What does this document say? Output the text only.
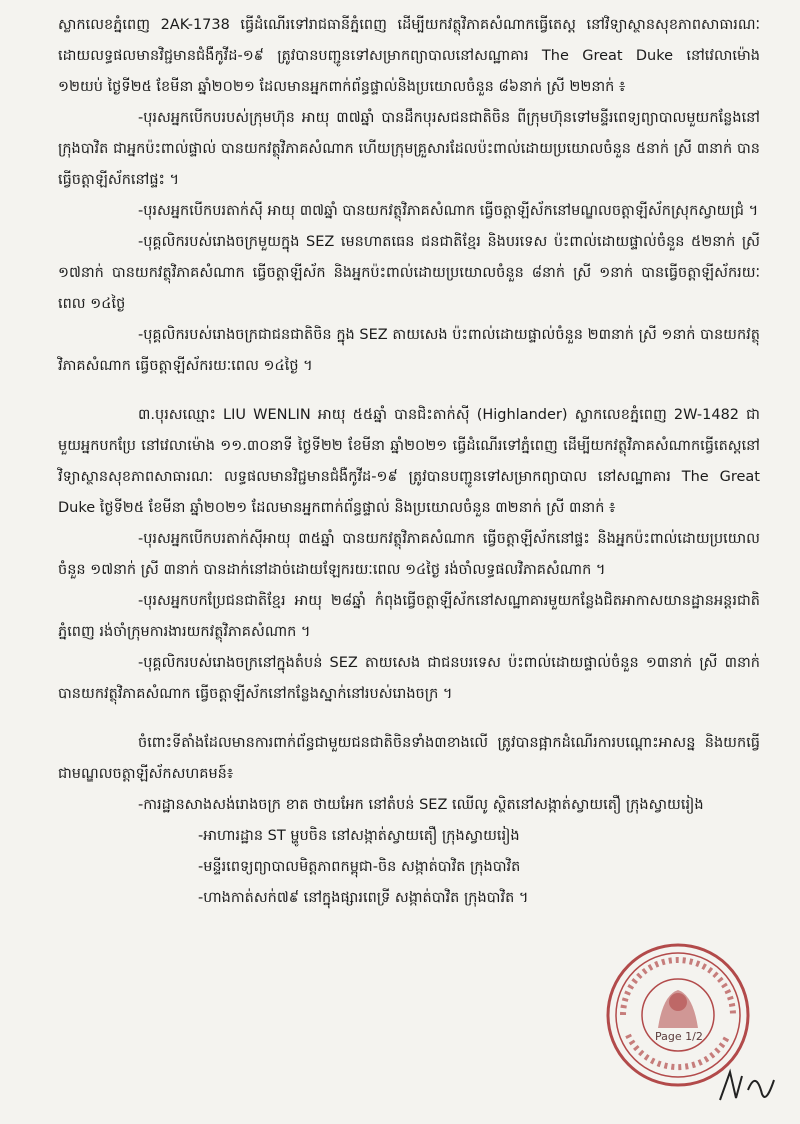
ស្លាកលេខភ្នំពេញ 2AK-1738 ធ្វើដំណើរទៅរាជធានីភ្នំពេញ ដើម្បីយកវត្ថុវិភាគសំណាកធ្វើតេស្ត នៅវិទ្យាស្ថានសុខភាពសាធារណៈ ដោយលទ្ធផលមានវិជ្ជមានជំងឺកូវីដ-១៩ ត្រូវបានបញ្ជូនទៅសម្រាកព្យាបាលនៅសណ្ឋាគារ The Great Duke នៅវេលាម៉ោង ១២យប់ ថ្ងៃទី២៥ ខែមីនា ឆ្នាំ២០២១ ដែលមានអ្នកពាក់ព័ន្ធផ្ទាល់និងប្រយោលចំនួន ៨៦នាក់ ស្រី ២២នាក់ ៖

-បុរសអ្នកបើកបរបស់ក្រុមហ៊ុន អាយុ ៣៧ឆ្នាំ បានដឹកបុរសជនជាតិចិន ពីក្រុមហ៊ុនទៅមន្ទីរពេទ្យព្យាបាលមួយកន្លែងនៅក្រុងបាវិត ជាអ្នកប៉ះពាល់ផ្ទាល់ បានយកវត្ថុវិភាគសំណាក ហើយក្រុមគ្រួសារដែលប៉ះពាល់ដោយប្រយោលចំនួន ៥នាក់ ស្រី ៣នាក់ បានធ្វើចត្តាឡីស័កនៅផ្ទះ ។

-បុរសអ្នកបើកបរតាក់ស៊ី អាយុ ៣៧ឆ្នាំ បានយកវត្ថុវិភាគសំណាក ធ្វើចត្តាឡីស័កនៅមណ្ឌលចត្តាឡីស័កស្រុកស្វាយជ្រំ ។

-បុគ្គលិករបស់រោងចក្រមួយក្នុង SEZ មេនហាតធេន ជនជាតិខ្មែរ និងបរទេស ប៉ះពាល់ដោយផ្ទាល់ចំនួន ៥២នាក់ ស្រី ១៧នាក់ បានយកវត្ថុវិភាគសំណាក ធ្វើចត្តាឡីស័ក និងអ្នកប៉ះពាល់ដោយប្រយោលចំនួន ៨នាក់ ស្រី ១នាក់ បានធ្វើចត្តាឡីស័ករយៈពេល ១៤ថ្ងៃ

-បុគ្គលិករបស់រោងចក្រជាជនជាតិចិន ក្នុង SEZ តាយសេង ប៉ះពាល់ដោយផ្ទាល់ចំនួន ២៣នាក់ ស្រី ១នាក់ បានយកវត្ថុវិភាគសំណាក ធ្វើចត្តាឡីស័ករយៈពេល ១៤ថ្ងៃ ។

៣.បុរសឈ្មោះ LIU WENLIN អាយុ ៥៥ឆ្នាំ បានជិះតាក់ស៊ី (Highlander) ស្លាកលេខភ្នំពេញ 2W-1482 ជាមួយអ្នកបកប្រែ នៅវេលាម៉ោង ១១.៣០នាទី ថ្ងៃទី២២ ខែមីនា ឆ្នាំ២០២១ ធ្វើដំណើរទៅភ្នំពេញ ដើម្បីយកវត្ថុវិភាគសំណាកធ្វើតេស្តនៅវិទ្យាស្ថានសុខភាពសាធារណៈ លទ្ធផលមានវិជ្ជមានជំងឺកូវីដ-១៩ ត្រូវបានបញ្ជូនទៅសម្រាកព្យាបាល នៅសណ្ឋាគារ The Great Duke ថ្ងៃទី២៥ ខែមីនា ឆ្នាំ២០២១ ដែលមានអ្នកពាក់ព័ន្ធផ្ទាល់ និងប្រយោលចំនួន ៣២នាក់ ស្រី ៣នាក់ ៖

-បុរសអ្នកបើកបរតាក់ស៊ីអាយុ ៣៥ឆ្នាំ បានយកវត្ថុវិភាគសំណាក ធ្វើចត្តាឡីស័កនៅផ្ទះ និងអ្នកប៉ះពាល់ដោយប្រយោលចំនួន ១៧នាក់ ស្រី ៣នាក់ បានដាក់នៅដាច់ដោយឡែករយៈពេល ១៤ថ្ងៃ រង់ចាំលទ្ធផលវិភាគសំណាក ។

-បុរសអ្នកបកប្រែជនជាតិខ្មែរ អាយុ ២៨ឆ្នាំ កំពុងធ្វើចត្តាឡីស័កនៅសណ្ឋាគារមួយកន្លែងជិតអាកាសយានដ្ឋានអន្តរជាតិភ្នំពេញ រង់ចាំក្រុមការងារយកវត្ថុវិភាគសំណាក ។

-បុគ្គលិករបស់រោងចក្រនៅក្នុងតំបន់ SEZ តាយសេង ជាជនបរទេស ប៉ះពាល់ដោយផ្ទាល់ចំនួន ១៣នាក់ ស្រី ៣នាក់ បានយកវត្ថុវិភាគសំណាក ធ្វើចត្តាឡីស័កនៅកន្លែងស្នាក់នៅរបស់រោងចក្រ ។

ចំពោះទីតាំងដែលមានការពាក់ព័ន្ធជាមួយជនជាតិចិនទាំង៣ខាងលើ ត្រូវបានផ្អាកដំណើរការបណ្តោះអាសន្ន និងយកធ្វើជាមណ្ឌលចត្តាឡីស័កសហគមន៍៖

-ការដ្ឋានសាងសង់រោងចក្រ ខាត ថាយអែក នៅតំបន់ SEZ ឈើលូ ស្ថិតនៅសង្កាត់ស្វាយតឿ ក្រុងស្វាយរៀង

-អាហារដ្ឋាន ST ម្ហូបចិន នៅសង្កាត់ស្វាយតឿ ក្រុងស្វាយរៀង

-មន្ទីរពេទ្យព្យាបាលមិត្តភាពកម្ពុជា-ចិន សង្កាត់បាវិត ក្រុងបាវិត

-ហាងកាត់សក់៧៩ នៅក្នុងផ្សារពេទ្រី សង្កាត់បាវិត ក្រុងបាវិត ។

Page 1/2
